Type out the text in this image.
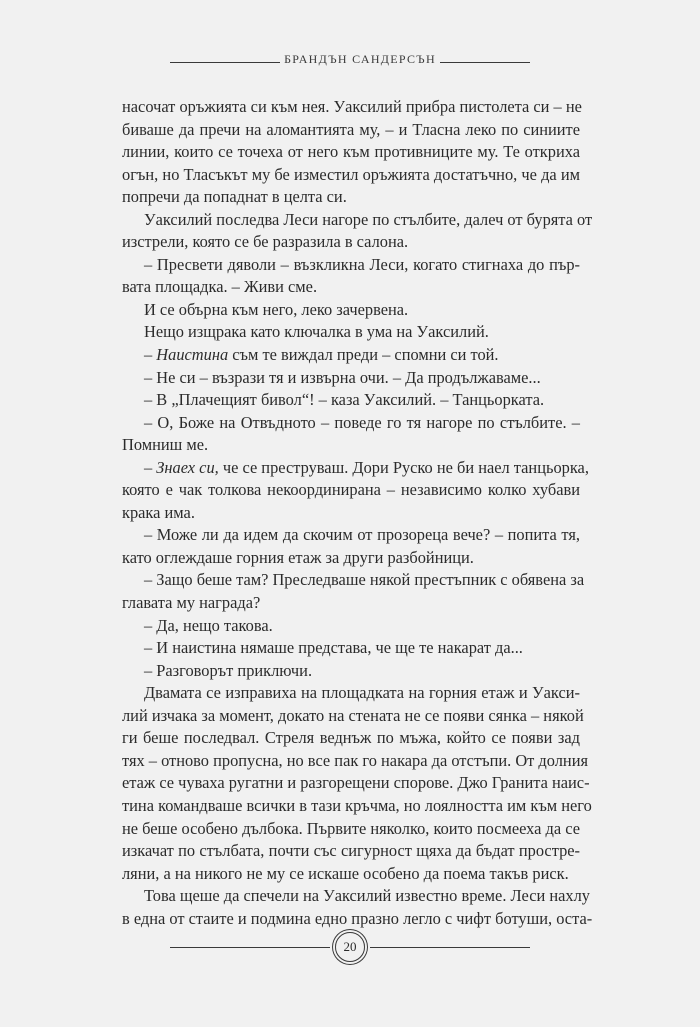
БРАНДЪН САНДЕРСЪН
насочат оръжията си към нея. Уаксилий прибра пистолета си – не
биваше да пречи на аломантията му, – и Тласна леко по синиите
линии, които се точеха от него към противниците му. Те откриха
огън, но Тласъкът му бе изместил оръжията достатъчно, че да им
попречи да попаднат в целта си.
Уаксилий последва Леси нагоре по стълбите, далеч от бурята от
изстрели, която се бе разразила в салона.
– Пресвети дяволи – възкликна Леси, когато стигнаха до пър-
вата площадка. – Живи сме.
И се обърна към него, леко зачервена.
Нещо изщрака като ключалка в ума на Уаксилий.
– Наистина съм те виждал преди – спомни си той.
– Не си – възрази тя и извърна очи. – Да продължаваме...
– В „Плачещият бивол“! – каза Уаксилий. – Танцьорката.
– О, Боже на Отвъдното – поведе го тя нагоре по стълбите. –
Помниш ме.
– Знаех си, че се преструваш. Дори Руско не би наел танцьорка,
която е чак толкова некоординирана – независимо колко хубави
крака има.
– Може ли да идем да скочим от прозореца вече? – попита тя,
като оглеждаше горния етаж за други разбойници.
– Защо беше там? Преследваше някой престъпник с обявена за
главата му награда?
– Да, нещо такова.
– И наистина нямаше представа, че ще те накарат да...
– Разговорът приключи.
Двамата се изправиха на площадката на горния етаж и Уакси-
лий изчака за момент, докато на стената не се появи сянка – някой
ги беше последвал. Стреля веднъж по мъжа, който се появи зад
тях – отново пропусна, но все пак го накара да отстъпи. От долния
етаж се чуваха ругатни и разгорещени спорове. Джо Гранита наис-
тина командваше всички в тази кръчма, но лоялността им към него
не беше особено дълбока. Първите няколко, които посмееха да се
изкачат по стълбата, почти със сигурност щяха да бъдат простре-
ляни, а на никого не му се искаше особено да поема такъв риск.
Това щеше да спечели на Уаксилий известно време. Леси нахлу
в една от стаите и подмина едно празно легло с чифт ботуши, оста-
20
